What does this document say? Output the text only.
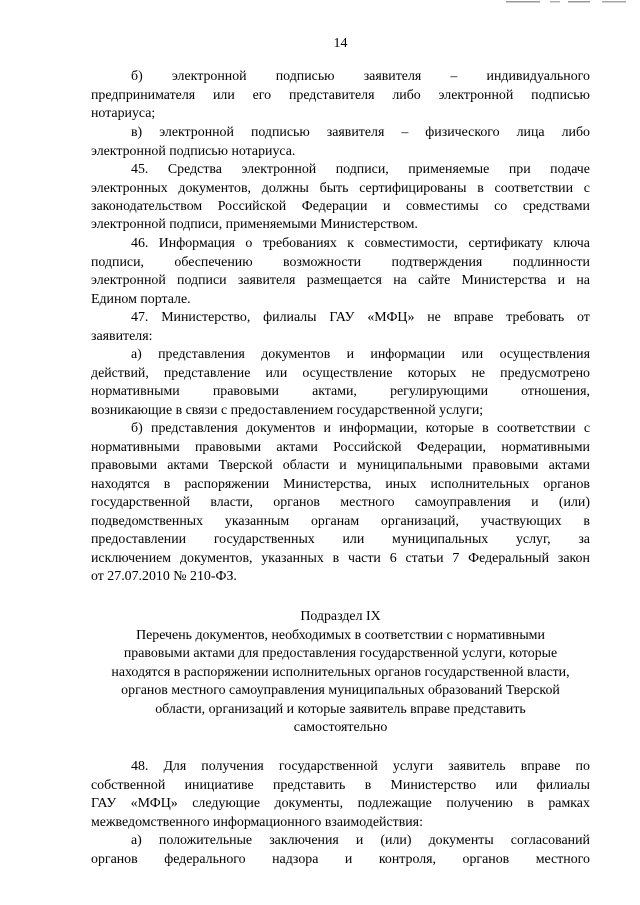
14
б) электронной подписью заявителя – индивидуального
предпринимателя или его представителя либо электронной подписью
нотариуса;
в) электронной подписью заявителя – физического лица либо
электронной подписью нотариуса.
45. Средства электронной подписи, применяемые при подаче
электронных документов, должны быть сертифицированы в соответствии с
законодательством Российской Федерации и совместимы со средствами
электронной подписи, применяемыми Министерством.
46. Информация о требованиях к совместимости, сертификату ключа
подписи, обеспечению возможности подтверждения подлинности
электронной подписи заявителя размещается на сайте Министерства и на
Едином портале.
47. Министерство, филиалы ГАУ «МФЦ» не вправе требовать от
заявителя:
а) представления документов и информации или осуществления
действий, представление или осуществление которых не предусмотрено
нормативными правовыми актами, регулирующими отношения,
возникающие в связи с предоставлением государственной услуги;
б) представления документов и информации, которые в соответствии с
нормативными правовыми актами Российской Федерации, нормативными
правовыми актами Тверской области и муниципальными правовыми актами
находятся в распоряжении Министерства, иных исполнительных органов
государственной власти, органов местного самоуправления и (или)
подведомственных указанным органам организаций, участвующих в
предоставлении государственных или муниципальных услуг, за
исключением документов, указанных в части 6 статьи 7 Федеральный закон
от 27.07.2010 № 210-ФЗ.
Подраздел IX
Перечень документов, необходимых в соответствии с нормативными
правовыми актами для предоставления государственной услуги, которые
находятся в распоряжении исполнительных органов государственной власти,
органов местного самоуправления муниципальных образований Тверской
области, организаций и которые заявитель вправе представить
самостоятельно
48. Для получения государственной услуги заявитель вправе по
собственной инициативе представить в Министерство или филиалы
ГАУ «МФЦ» следующие документы, подлежащие получению в рамках
межведомственного информационного взаимодействия:
а) положительные заключения и (или) документы согласований
органов федерального надзора и контроля, органов местного
